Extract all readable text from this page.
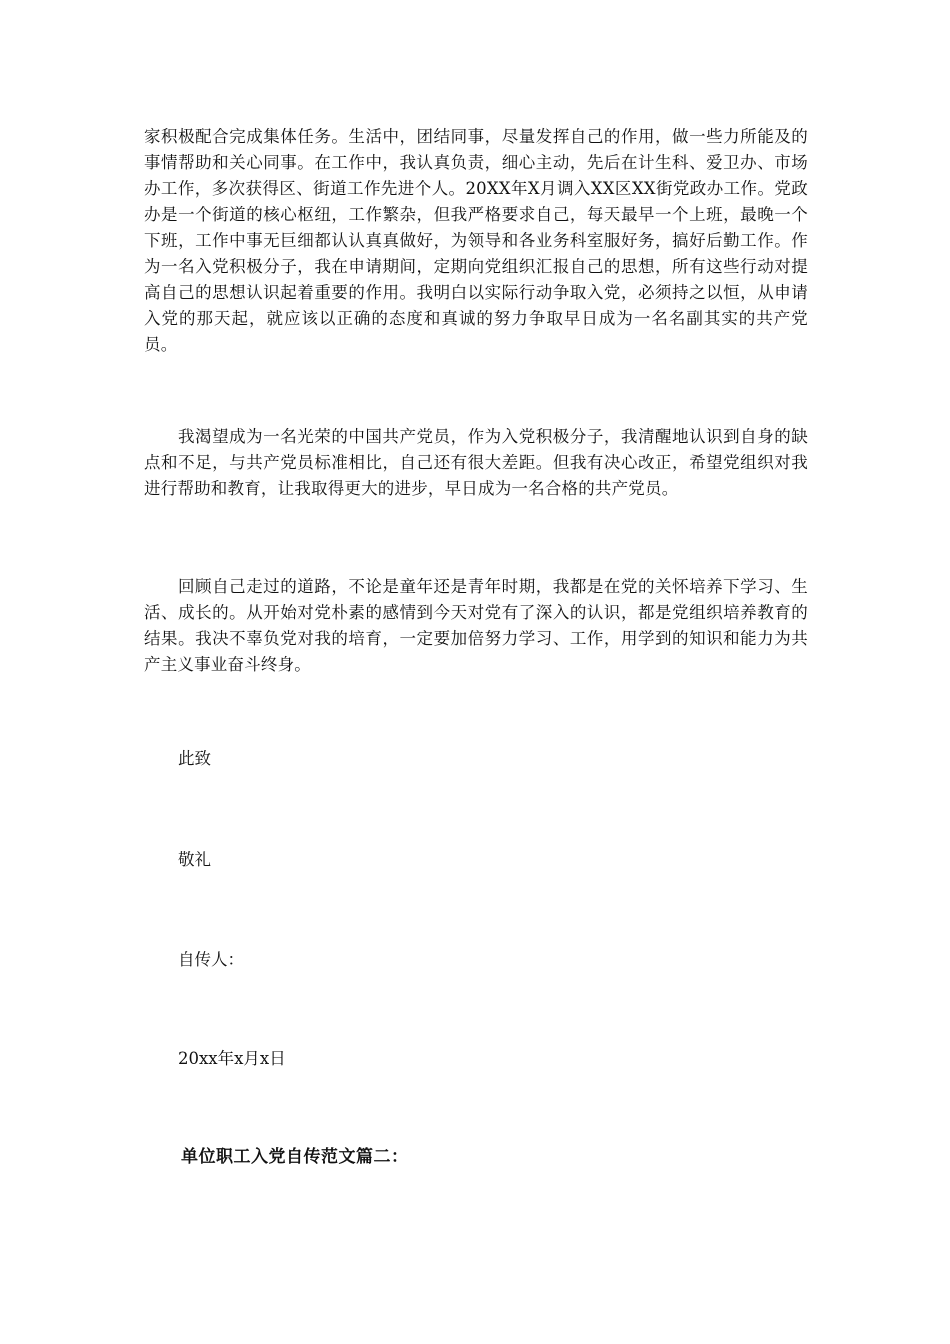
家积极配合完成集体任务。生活中，团结同事，尽量发挥自己的作用，做一些力所能及的事情帮助和关心同事。在工作中，我认真负责，细心主动，先后在计生科、爱卫办、市场办工作，多次获得区、街道工作先进个人。20XX年X月调入XX区XX街党政办工作。党政办是一个街道的核心枢纽，工作繁杂，但我严格要求自己，每天最早一个上班，最晚一个下班，工作中事无巨细都认认真真做好，为领导和各业务科室服好务，搞好后勤工作。作为一名入党积极分子，我在申请期间，定期向党组织汇报自己的思想，所有这些行动对提高自己的思想认识起着重要的作用。我明白以实际行动争取入党，必须持之以恒，从申请入党的那天起，就应该以正确的态度和真诚的努力争取早日成为一名名副其实的共产党员。

我渴望成为一名光荣的中国共产党员，作为入党积极分子，我清醒地认识到自身的缺点和不足，与共产党员标准相比，自己还有很大差距。但我有决心改正，希望党组织对我进行帮助和教育，让我取得更大的进步，早日成为一名合格的共产党员。

回顾自己走过的道路，不论是童年还是青年时期，我都是在党的关怀培养下学习、生活、成长的。从开始对党朴素的感情到今天对党有了深入的认识，都是党组织培养教育的结果。我决不辜负党对我的培育，一定要加倍努力学习、工作，用学到的知识和能力为共产主义事业奋斗终身。

此致

敬礼

自传人：

20xx年x月x日

单位职工入党自传范文篇二：
